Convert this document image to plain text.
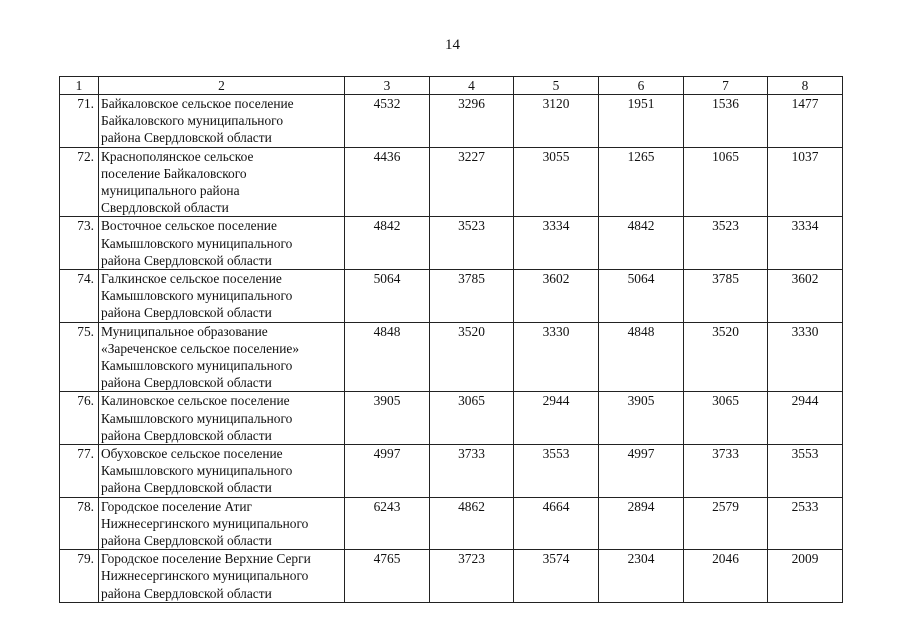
14
1	2	3	4	5	6	7	8
71.	Байкаловское сельское поселение
Байкаловского муниципального
района Свердловской области	4532	3296	3120	1951	1536	1477
72.	Краснополянское сельское
поселение Байкаловского
муниципального района
Свердловской области	4436	3227	3055	1265	1065	1037
73.	Восточное сельское поселение
Камышловского муниципального
района Свердловской области	4842	3523	3334	4842	3523	3334
74.	Галкинское сельское поселение
Камышловского муниципального
района Свердловской области	5064	3785	3602	5064	3785	3602
75.	Муниципальное образование
«Зареченское сельское поселение»
Камышловского муниципального
района Свердловской области	4848	3520	3330	4848	3520	3330
76.	Калиновское сельское поселение
Камышловского муниципального
района Свердловской области	3905	3065	2944	3905	3065	2944
77.	Обуховское сельское поселение
Камышловского муниципального
района Свердловской области	4997	3733	3553	4997	3733	3553
78.	Городское поселение Атиг
Нижнесергинского муниципального
района Свердловской области	6243	4862	4664	2894	2579	2533
79.	Городское поселение Верхние Серги
Нижнесергинского муниципального
района Свердловской области	4765	3723	3574	2304	2046	2009
